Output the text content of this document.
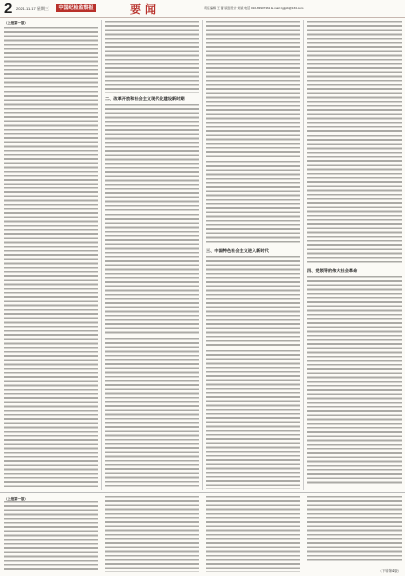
2 2021.11.17 星期三	中国纪检监察报	要闻	责任编辑 王 蕾 版面设计 刘斌 电话 010-83907361 E-mail zgjjjcb@163.com
（上接第一版）
二、改革开放和社会主义现代化建设新时期
三、中国特色社会主义进入新时代
四、党领导的伟大社会革命
（上接第一版）
（下转第4版）
